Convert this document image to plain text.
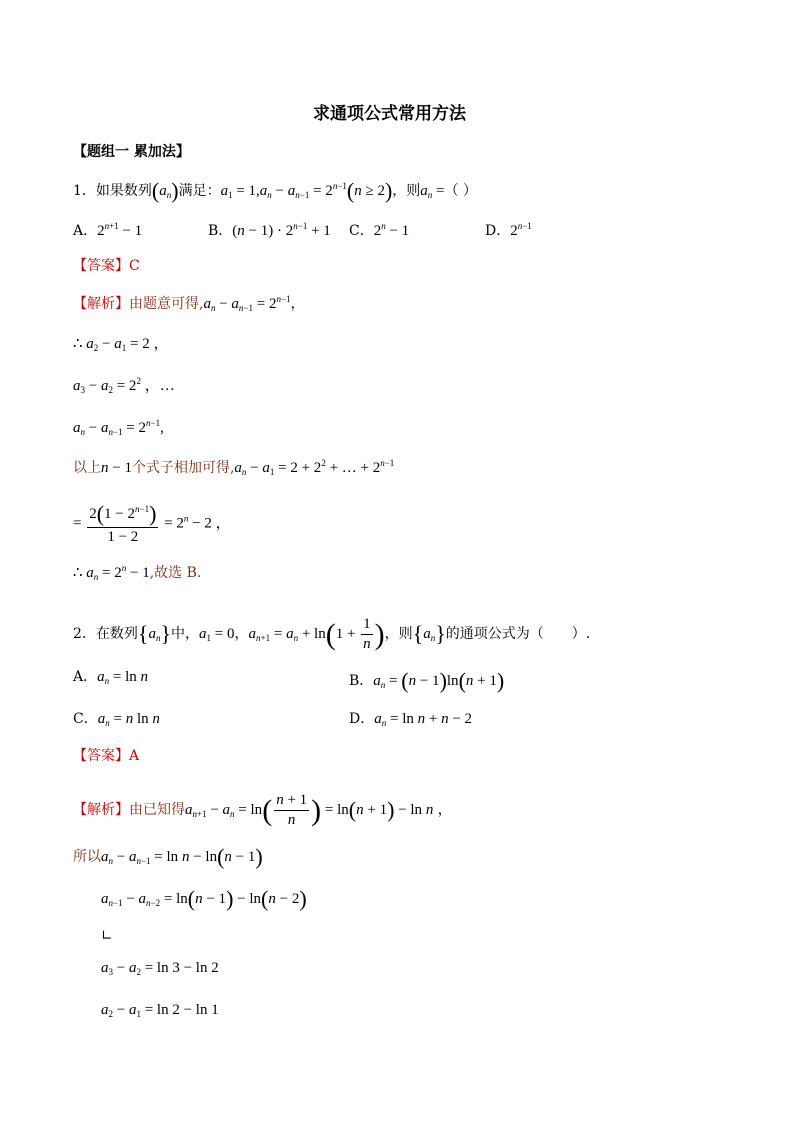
求通项公式常用方法
【题组一 累加法】
1．如果数列$(a_n)$满足：$a_1 = 1,a_n - a_{n-1} = 2^{n-1}(n \ge 2)$，则$a_n$ =（ ）
A．$2^{n+1} - 1$	B．$(n - 1) \cdot 2^{n-1} + 1$ C．$2^n - 1$	D．$2^{n-1}$
【答案】C
【解析】由题意可得$,a_n - a_{n-1} = 2^{n-1}$，
∴ $a_2 - a_1 = 2$ ，
$a_3 - a_2 = 2^2$ ，…
$a_n - a_{n-1} = 2^{n-1}$,
以上n − 1个式子相加可得$,a_n - a_1 = 2 + 2^2$ + … + $2^{n-1}$
= $\frac{2(1 - 2^{n-1})}{1 - 2} = 2^n - 2$ ，
∴ $a_n = 2^n - 1$,故选 B.
2．在数列$\{a_n\}$中，$a_1 = 0$，$a_{n+1} = a_n + \ln(1 + \frac{1}{n}$ )，则$\{a_n\}$的通项公式为（　　）.
A．$a_n = \ln n$	B．$a_n = (n - 1)\ln(n + 1)$
C．$a_n = n$ ln n	D．$a_n = \ln n + n - 2$
【答案】A
【解析】由已知得$a_{n+1} - a_n = \ln( \frac{n + 1}{n}$ ) = ln(n + 1) − ln n ，
所以$a_n - a_{n-1} = \ln n - \ln(n - 1)$
$a_{n-1} - a_{n-2} = \ln(n - 1) - \ln(n - 2)$
∟
$a_3 - a_2 = \ln 3 - \ln 2$
$a_2 - a_1 = \ln 2 - \ln 1$
